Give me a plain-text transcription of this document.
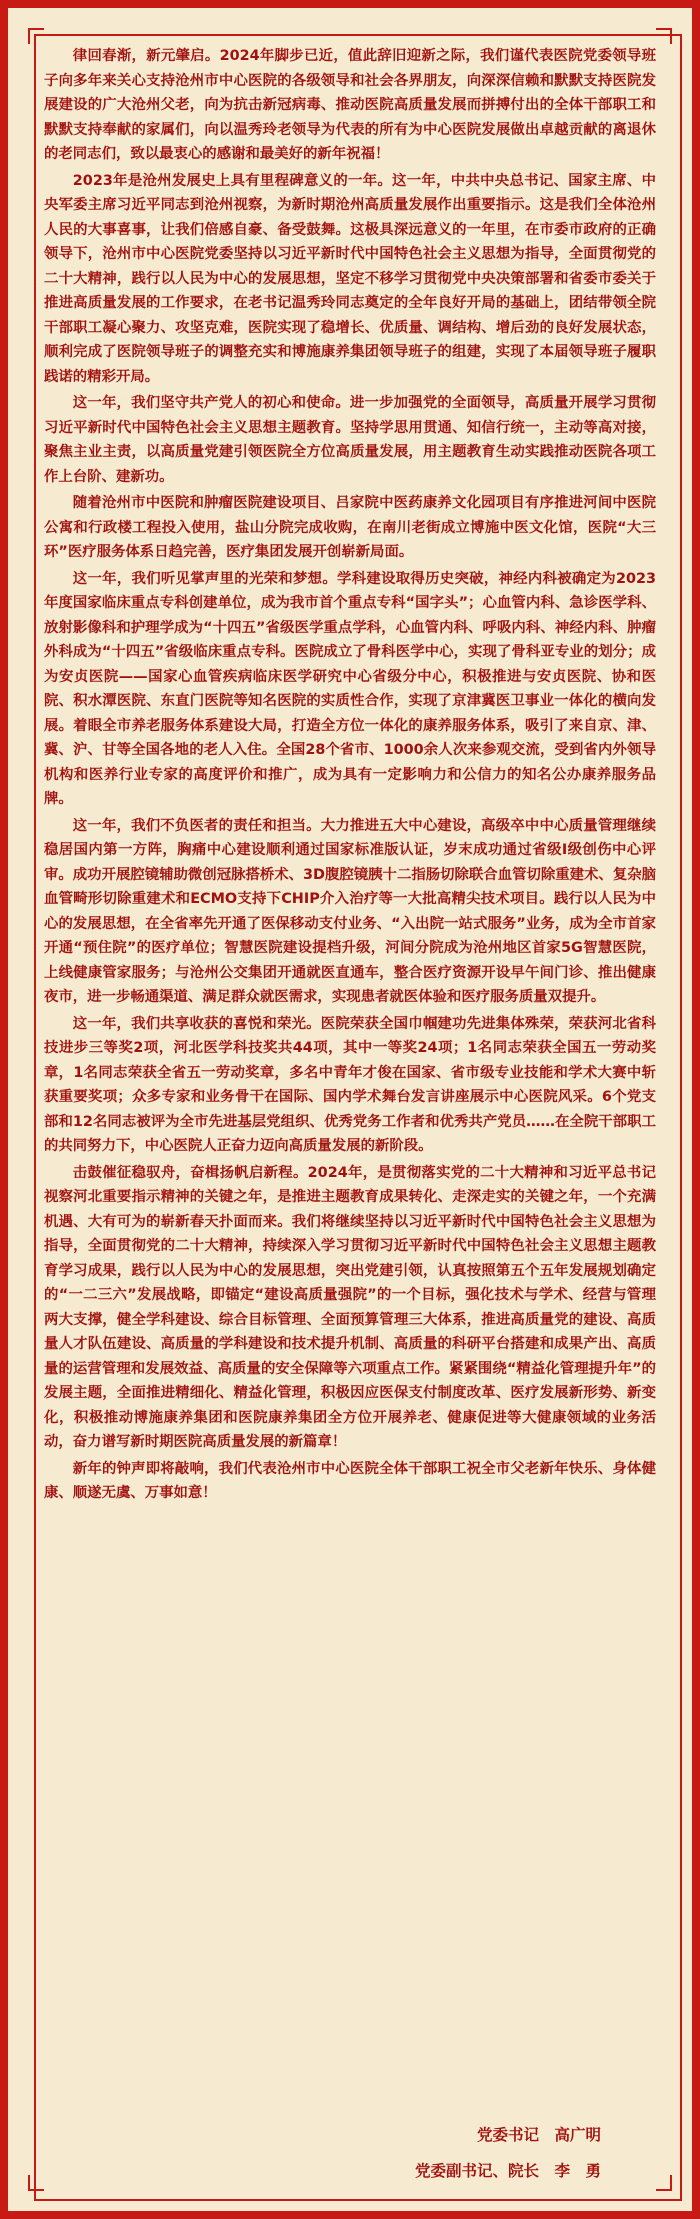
律回春渐，新元肇启。2024年脚步已近，值此辞旧迎新之际，我们谨代表医院党委领导班子向多年来关心支持沧州市中心医院的各级领导和社会各界朋友，向深深信赖和默默支持医院发展建设的广大沧州父老，向为抗击新冠病毒、推动医院高质量发展而拼搏付出的全体干部职工和默默支持奉献的家属们，向以温秀玲老领导为代表的所有为中心医院发展做出卓越贡献的离退休的老同志们，致以最衷心的感谢和最美好的新年祝福！

2023年是沧州发展史上具有里程碑意义的一年。这一年，中共中央总书记、国家主席、中央军委主席习近平同志到沧州视察，为新时期沧州高质量发展作出重要指示。这是我们全体沧州人民的大事喜事，让我们倍感自豪、备受鼓舞。这极具深远意义的一年里，在市委市政府的正确领导下，沧州市中心医院党委坚持以习近平新时代中国特色社会主义思想为指导，全面贯彻党的二十大精神，践行以人民为中心的发展思想，坚定不移学习贯彻党中央决策部署和省委市委关于推进高质量发展的工作要求，在老书记温秀玲同志奠定的全年良好开局的基础上，团结带领全院干部职工凝心聚力、攻坚克难，医院实现了稳增长、优质量、调结构、增后劲的良好发展状态，顺利完成了医院领导班子的调整充实和博施康养集团领导班子的组建，实现了本届领导班子履职践诺的精彩开局。

这一年，我们坚守共产党人的初心和使命。进一步加强党的全面领导，高质量开展学习贯彻习近平新时代中国特色社会主义思想主题教育。坚持学思用贯通、知信行统一，主动等高对接，聚焦主业主责，以高质量党建引领医院全方位高质量发展，用主题教育生动实践推动医院各项工作上台阶、建新功。

随着沧州市中医院和肿瘤医院建设项目、吕家院中医药康养文化园项目有序推进河间中医院公寓和行政楼工程投入使用，盐山分院完成收购，在南川老街成立博施中医文化馆，医院“大三环”医疗服务体系日趋完善，医疗集团发展开创崭新局面。

这一年，我们听见掌声里的光荣和梦想。学科建设取得历史突破，神经内科被确定为2023年度国家临床重点专科创建单位，成为我市首个重点专科“国字头”；心血管内科、急诊医学科、放射影像科和护理学成为“十四五”省级医学重点学科，心血管内科、呼吸内科、神经内科、肿瘤外科成为“十四五”省级临床重点专科。医院成立了骨科医学中心，实现了骨科亚专业的划分；成为安贞医院——国家心血管疾病临床医学研究中心省级分中心，积极推进与安贞医院、协和医院、积水潭医院、东直门医院等知名医院的实质性合作，实现了京津冀医卫事业一体化的横向发展。着眼全市养老服务体系建设大局，打造全方位一体化的康养服务体系，吸引了来自京、津、冀、沪、甘等全国各地的老人入住。全国28个省市、1000余人次来参观交流，受到省内外领导机构和医养行业专家的高度评价和推广，成为具有一定影响力和公信力的知名公办康养服务品牌。

这一年，我们不负医者的责任和担当。大力推进五大中心建设，高级卒中中心质量管理继续稳居国内第一方阵，胸痛中心建设顺利通过国家标准版认证，岁末成功通过省级Ⅰ级创伤中心评审。成功开展腔镜辅助微创冠脉搭桥术、3D腹腔镜胰十二指肠切除联合血管切除重建术、复杂脑血管畸形切除重建术和ECMO支持下CHIP介入治疗等一大批高精尖技术项目。践行以人民为中心的发展思想，在全省率先开通了医保移动支付业务、“入出院一站式服务”业务，成为全市首家开通“预住院”的医疗单位；智慧医院建设提档升级，河间分院成为沧州地区首家5G智慧医院，上线健康管家服务；与沧州公交集团开通就医直通车，整合医疗资源开设早午间门诊、推出健康夜市，进一步畅通渠道、满足群众就医需求，实现患者就医体验和医疗服务质量双提升。

这一年，我们共享收获的喜悦和荣光。医院荣获全国巾帼建功先进集体殊荣，荣获河北省科技进步三等奖2项，河北医学科技奖共44项，其中一等奖24项；1名同志荣获全国五一劳动奖章，1名同志荣获全省五一劳动奖章，多名中青年才俊在国家、省市级专业技能和学术大赛中斩获重要奖项；众多专家和业务骨干在国际、国内学术舞台发言讲座展示中心医院风采。6个党支部和12名同志被评为全市先进基层党组织、优秀党务工作者和优秀共产党员……在全院干部职工的共同努力下，中心医院人正奋力迈向高质量发展的新阶段。

击鼓催征稳驭舟，奋楫扬帆启新程。2024年，是贯彻落实党的二十大精神和习近平总书记视察河北重要指示精神的关键之年，是推进主题教育成果转化、走深走实的关键之年，一个充满机遇、大有可为的崭新春天扑面而来。我们将继续坚持以习近平新时代中国特色社会主义思想为指导，全面贯彻党的二十大精神，持续深入学习贯彻习近平新时代中国特色社会主义思想主题教育学习成果，践行以人民为中心的发展思想，突出党建引领，认真按照第五个五年发展规划确定的“一二三六”发展战略，即锚定“建设高质量强院”的一个目标，强化技术与学术、经营与管理两大支撑，健全学科建设、综合目标管理、全面预算管理三大体系，推进高质量党的建设、高质量人才队伍建设、高质量的学科建设和技术提升机制、高质量的科研平台搭建和成果产出、高质量的运营管理和发展效益、高质量的安全保障等六项重点工作。紧紧围绕“精益化管理提升年”的发展主题，全面推进精细化、精益化管理，积极因应医保支付制度改革、医疗发展新形势、新变化，积极推动博施康养集团和医院康养集团全方位开展养老、健康促进等大健康领域的业务活动，奋力谱写新时期医院高质量发展的新篇章！

新年的钟声即将敲响，我们代表沧州市中心医院全体干部职工祝全市父老新年快乐、身体健康、顺遂无虞、万事如意！

党委书记　高广明
党委副书记、院长　李　勇
